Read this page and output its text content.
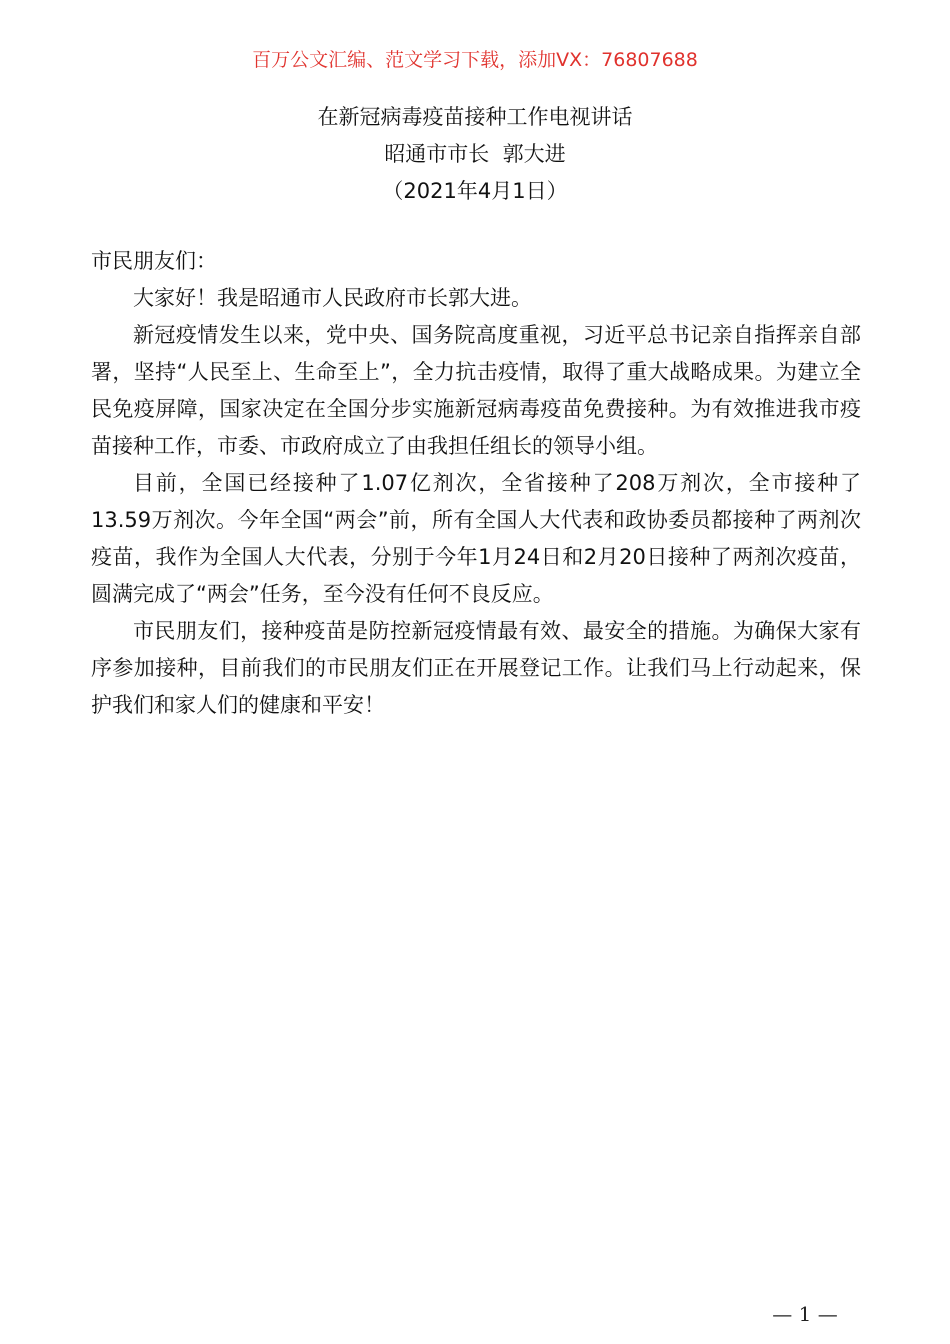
百万公文汇编、范文学习下载，添加VX：76807688
在新冠病毒疫苗接种工作电视讲话
昭通市市长  郭大进
（2021年4月1日）

市民朋友们：

大家好！我是昭通市人民政府市长郭大进。

新冠疫情发生以来，党中央、国务院高度重视，习近平总书记亲自指挥亲自部署，坚持“人民至上、生命至上”，全力抗击疫情，取得了重大战略成果。为建立全民免疫屏障，国家决定在全国分步实施新冠病毒疫苗免费接种。为有效推进我市疫苗接种工作，市委、市政府成立了由我担任组长的领导小组。

目前，全国已经接种了1.07亿剂次，全省接种了208万剂次，全市接种了13.59万剂次。今年全国“两会”前，所有全国人大代表和政协委员都接种了两剂次疫苗，我作为全国人大代表，分别于今年1月24日和2月20日接种了两剂次疫苗，圆满完成了“两会”任务，至今没有任何不良反应。

市民朋友们，接种疫苗是防控新冠疫情最有效、最安全的措施。为确保大家有序参加接种，目前我们的市民朋友们正在开展登记工作。让我们马上行动起来，保护我们和家人们的健康和平安！

— 1 —
